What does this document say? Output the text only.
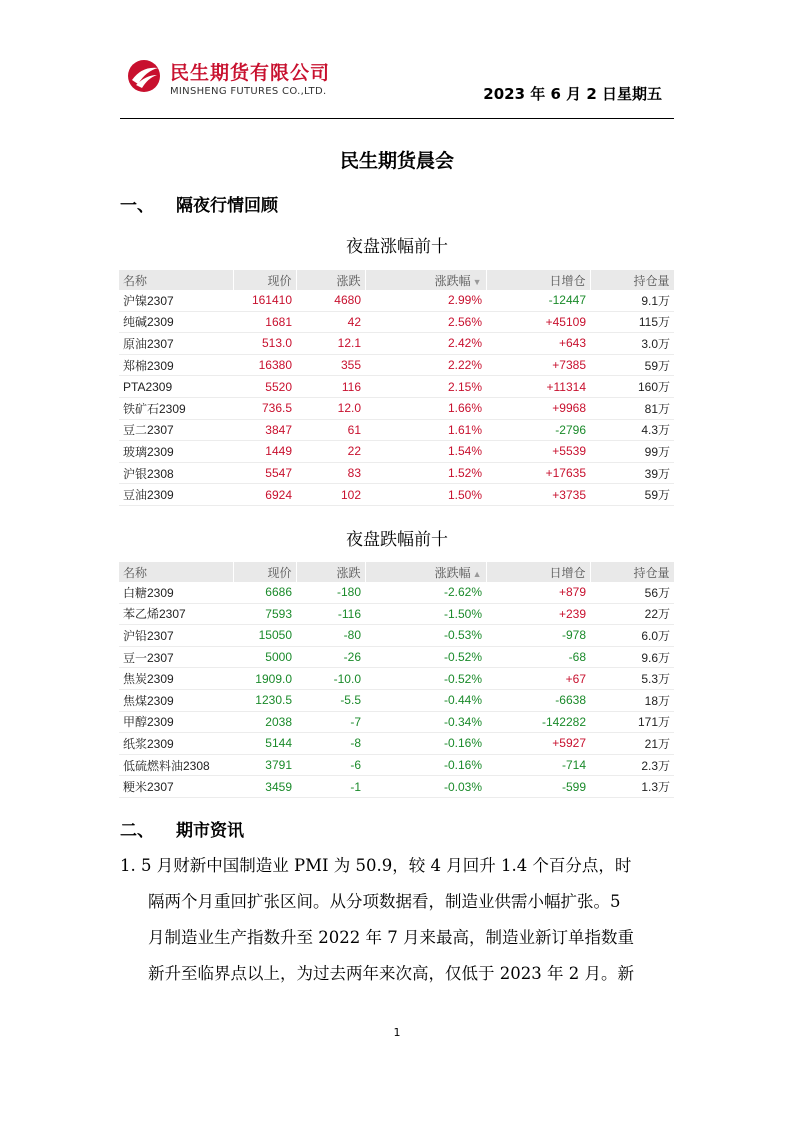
民生期货有限公司
MINSHENG FUTURES CO.,LTD.	2023 年 6 月 2 日星期五
民生期货晨会
一、 隔夜行情回顾
夜盘涨幅前十
名称	现价	涨跌	涨跌幅 ▼	日增仓	持仓量
沪镍2307	161410	4680	2.99%	-12447	9.1万
纯碱2309	1681	42	2.56%	+45109	115万
原油2307	513.0	12.1	2.42%	+643	3.0万
郑棉2309	16380	355	2.22%	+7385	59万
PTA2309	5520	116	2.15%	+11314	160万
铁矿石2309	736.5	12.0	1.66%	+9968	81万
豆二2307	3847	61	1.61%	-2796	4.3万
玻璃2309	1449	22	1.54%	+5539	99万
沪银2308	5547	83	1.52%	+17635	39万
豆油2309	6924	102	1.50%	+3735	59万
夜盘跌幅前十
名称	现价	涨跌	涨跌幅 ▲	日增仓	持仓量
白糖2309	6686	-180	-2.62%	+879	56万
苯乙烯2307	7593	-116	-1.50%	+239	22万
沪铅2307	15050	-80	-0.53%	-978	6.0万
豆一2307	5000	-26	-0.52%	-68	9.6万
焦炭2309	1909.0	-10.0	-0.52%	+67	5.3万
焦煤2309	1230.5	-5.5	-0.44%	-6638	18万
甲醇2309	2038	-7	-0.34%	-142282	171万
纸浆2309	5144	-8	-0.16%	+5927	21万
低硫燃料油2308	3791	-6	-0.16%	-714	2.3万
粳米2307	3459	-1	-0.03%	-599	1.3万
二、 期市资讯
1. 5 月财新中国制造业 PMI 为 50.9，较 4 月回升 1.4 个百分点，时
隔两个月重回扩张区间。从分项数据看，制造业供需小幅扩张。5
月制造业生产指数升至 2022 年 7 月来最高，制造业新订单指数重
新升至临界点以上，为过去两年来次高，仅低于 2023 年 2 月。新
1
